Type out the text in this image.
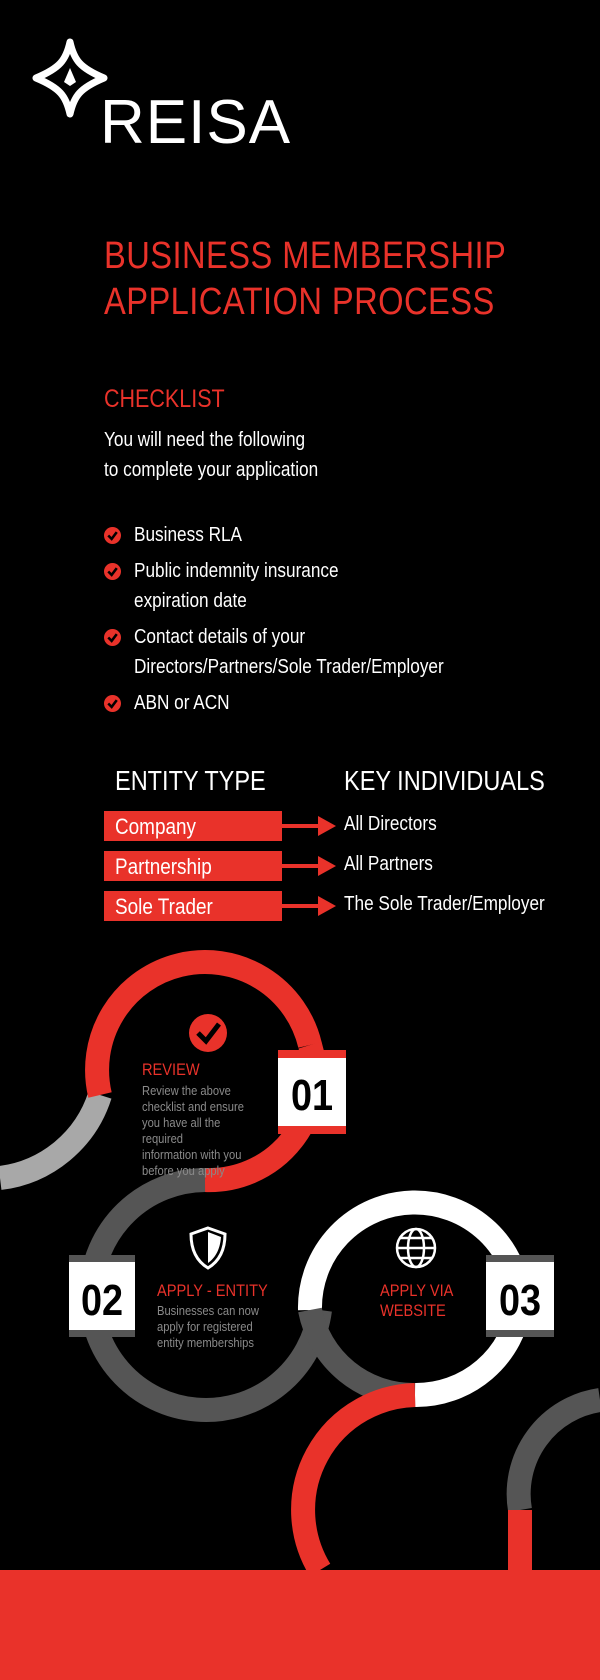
REISA
BUSINESS MEMBERSHIP
APPLICATION PROCESS
CHECKLIST
You will need the following
to complete your application
Business RLA
Public indemnity insurance
expiration date
Contact details of your
Directors/Partners/Sole Trader/Employer
ABN or ACN
ENTITY TYPE	KEY INDIVIDUALS
Company	All Directors
Partnership	All Partners
Sole Trader	The Sole Trader/Employer
01
02	03
REVIEW
Review the above
checklist and ensure
you have all the required
information with you
before you apply
APPLY - ENTITY
Businesses can now
apply for registered
entity memberships
APPLY VIA
WEBSITE
